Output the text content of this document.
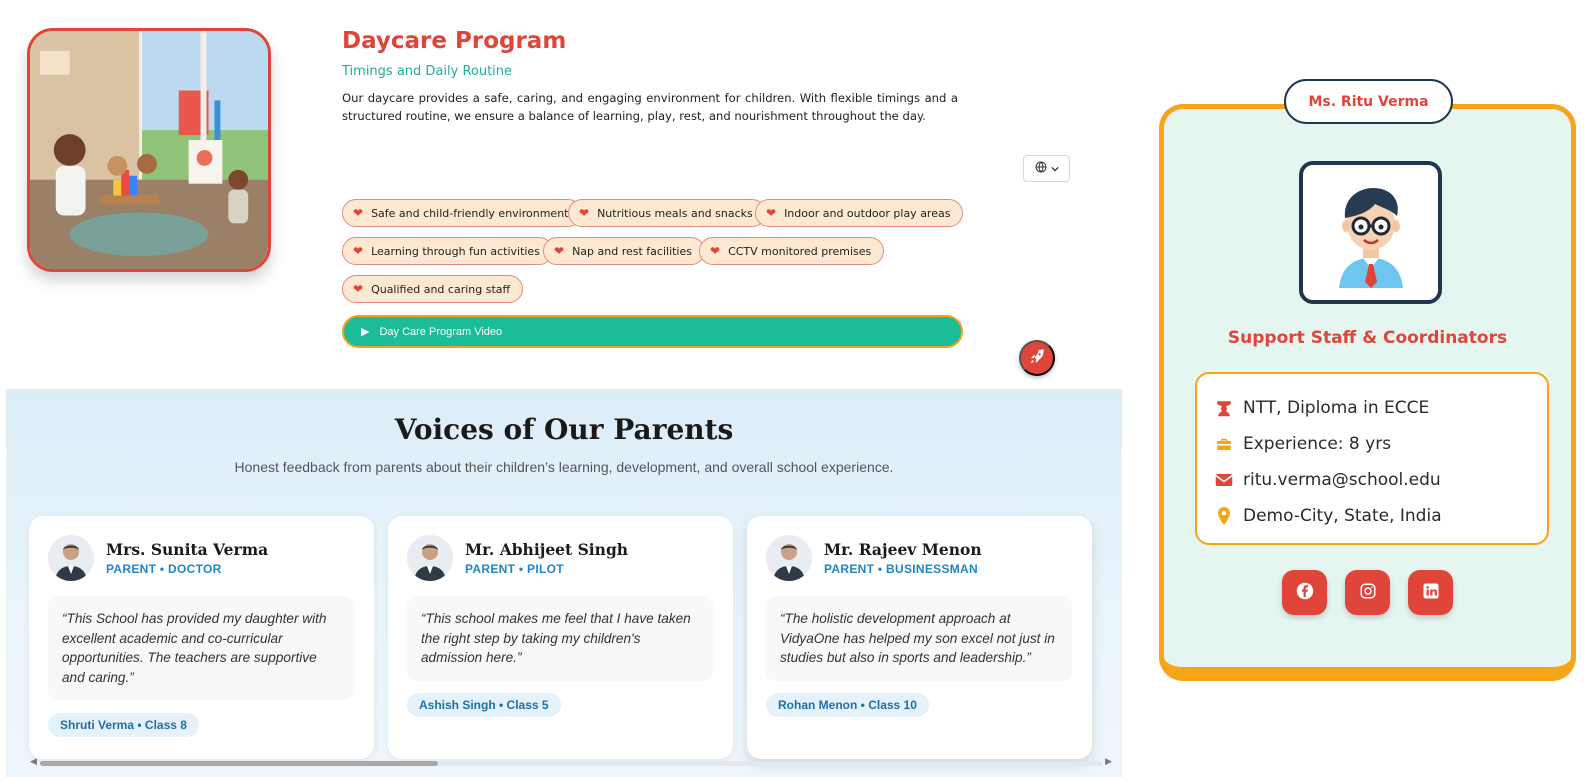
Daycare Program
Timings and Daily Routine

Our daycare provides a safe, caring, and engaging environment for children. With flexible timings and a structured routine, we ensure a balance of learning, play, rest, and nourishment throughout the day.

❤ Safe and child-friendly environment ❤ Nutritious meals and snacks ❤ Indoor and outdoor play areas
❤ Learning through fun activities ❤ Nap and rest facilities ❤ CCTV monitored premises
❤ Qualified and caring staff
▶ Day Care Program Video
Voices of Our Parents

Honest feedback from parents about their children’s learning, development, and overall school experience.

Mrs. Sunita Verma
PARENT • DOCTOR
“This School has provided my daughter with excellent academic and co-curricular opportunities. The teachers are supportive and caring.”
Shruti Verma • Class 8
Mr. Abhijeet Singh
PARENT • PILOT
“This school makes me feel that I have taken the right step by taking my children's admission here.”
Ashish Singh • Class 5
Mr. Rajeev Menon
PARENT • BUSINESSMAN
“The holistic development approach at VidyaOne has helped my son excel not just in studies but also in sports and leadership.”
Rohan Menon • Class 10
◀	▶
Support Staff & Coordinators
NTT, Diploma in ECCE
Experience: 8 yrs
ritu.verma@school.edu
Demo-City, State, India
Ms. Ritu Verma
